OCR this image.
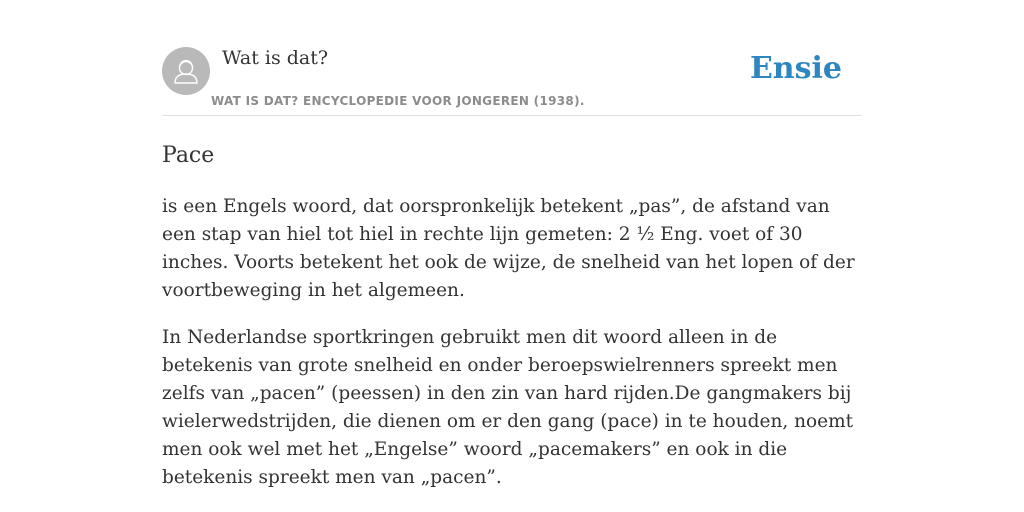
Wat is dat?
WAT IS DAT? ENCYCLOPEDIE VOOR JONGEREN (1938).
Ensie
Pace

is een Engels woord, dat oorspronkelijk betekent „pas”, de afstand van een stap van hiel tot hiel in rechte lijn gemeten: 2 ½ Eng. voet of 30 inches. Voorts betekent het ook de wijze, de snelheid van het lopen of der voortbeweging in het algemeen.

In Nederlandse sportkringen gebruikt men dit woord alleen in de betekenis van grote snelheid en onder beroepswielrenners spreekt men zelfs van „pacen” (peessen) in den zin van hard rijden.De gangmakers bij wielerwedstrijden, die dienen om er den gang (pace) in te houden, noemt men ook wel met het „Engelse” woord „pacemakers” en ook in die betekenis spreekt men van „pacen”.
